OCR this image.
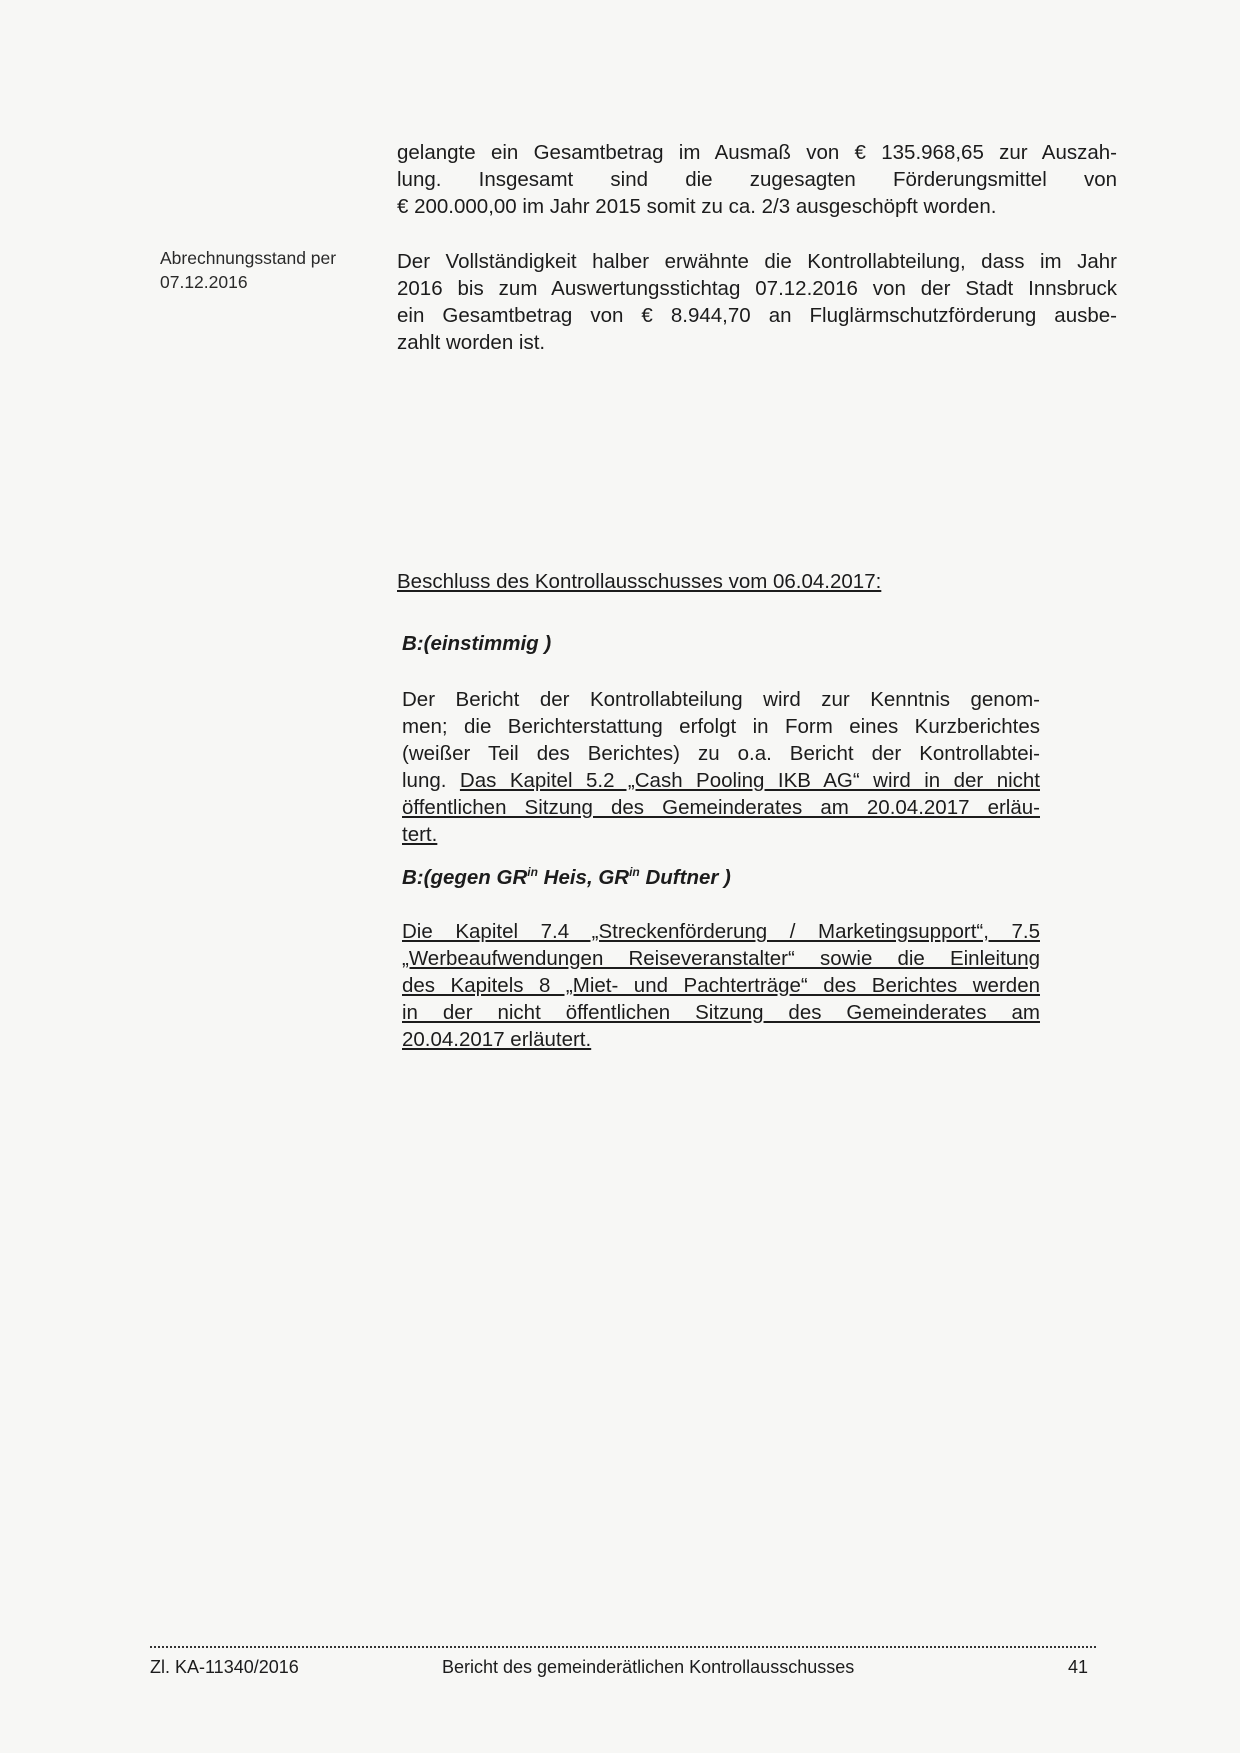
gelangte ein Gesamtbetrag im Ausmaß von € 135.968,65 zur Auszah-
lung. Insgesamt sind die zugesagten Förderungsmittel von
€ 200.000,00 im Jahr 2015 somit zu ca. 2/3 ausgeschöpft worden.
Abrechnungsstand per
07.12.2016
Der Vollständigkeit halber erwähnte die Kontrollabteilung, dass im Jahr
2016 bis zum Auswertungsstichtag 07.12.2016 von der Stadt Innsbruck
ein Gesamtbetrag von € 8.944,70 an Fluglärmschutzförderung ausbe-
zahlt worden ist.
Beschluss des Kontrollausschusses vom 06.04.2017:
B:(einstimmig )
Der Bericht der Kontrollabteilung wird zur Kenntnis genom-
men; die Berichterstattung erfolgt in Form eines Kurzberichtes
(weißer Teil des Berichtes) zu o.a. Bericht der Kontrollabtei-
lung. Das Kapitel 5.2 „Cash Pooling IKB AG“ wird in der nicht
öffentlichen Sitzung des Gemeinderates am 20.04.2017 erläu-
tert.
B:(gegen $GR^{in}$ Heis, $GR^{in}$ Duftner )
Die Kapitel 7.4 „Streckenförderung / Marketingsupport“, 7.5
„Werbeaufwendungen Reiseveranstalter“ sowie die Einleitung
des Kapitels 8 „Miet- und Pachterträge“ des Berichtes werden
in der nicht öffentlichen Sitzung des Gemeinderates am
20.04.2017 erläutert.
Zl. KA-11340/2016	Bericht des gemeinderätlichen Kontrollausschusses	41
